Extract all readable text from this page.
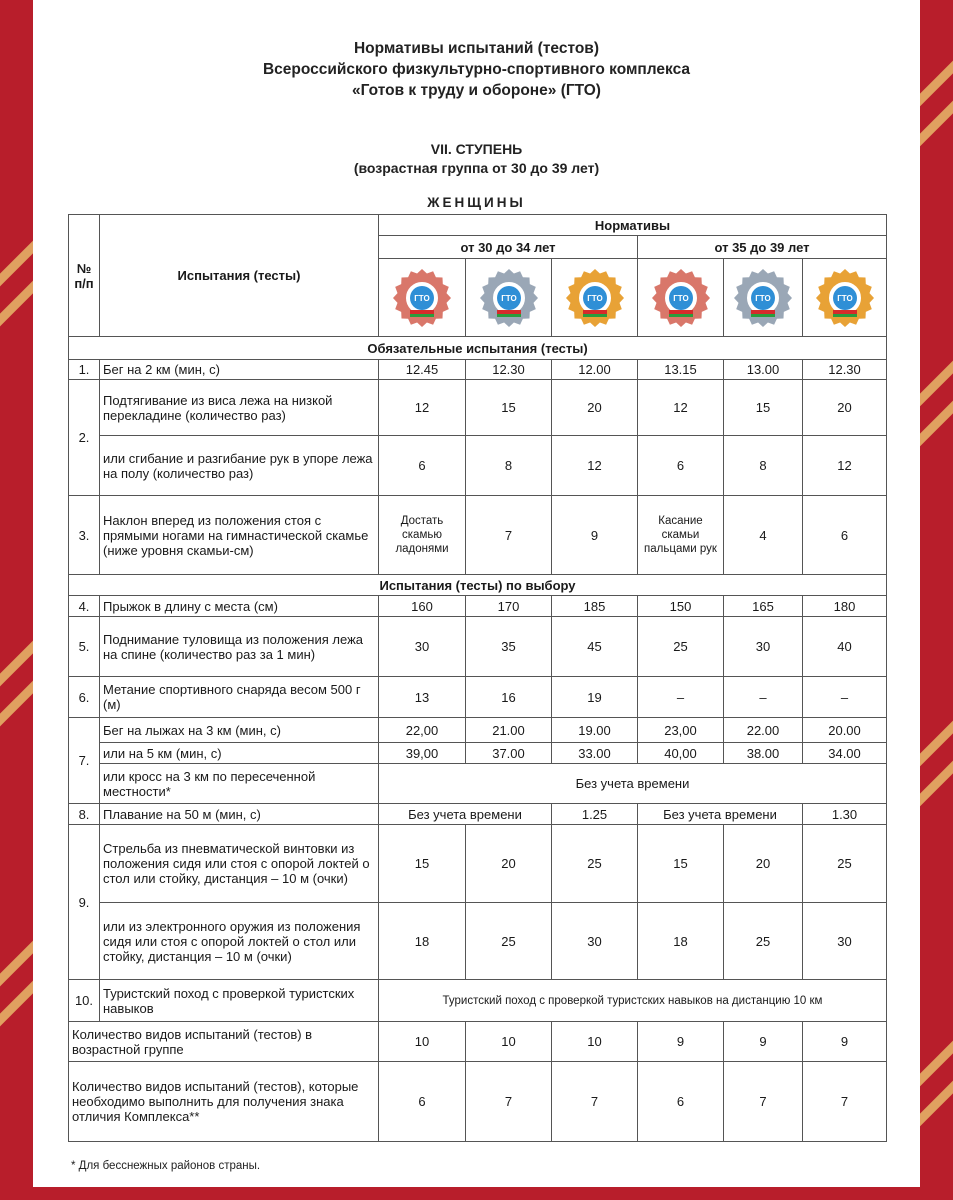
Нормативы испытаний (тестов)
Всероссийского физкультурно-спортивного комплекса
«Готов к труду и обороне» (ГТО)
VII. СТУПЕНЬ
(возрастная группа от 30 до 39 лет)
ЖЕНЩИНЫ
№ п/п	Испытания (тесты)	Нормативы					
		от 30 до 34 лет			от 35 до 39 лет		

ГТО	ГТО	ГТО	ГТО	ГТО	ГТО

Обязательные испытания (тесты)							
1.	Бег на 2 км (мин, с)	12.45	12.30	12.00	13.15	13.00	12.30
2.	Подтягивание из виса лежа на низкой перекладине (количество раз)	12	15	20	12	15	20
	или сгибание и разгибание рук в упоре лежа на полу (количество раз)	6	8	12	6	8	12
3.	Наклон вперед из положения стоя с прямыми ногами на гимнастической скамье (ниже уровня скамьи-см)	Достать скамью ладонями	7	9	Касание скамьи пальцами рук	4	6
Испытания (тесты) по выбору							
4.	Прыжок в длину с места (см)	160	170	185	150	165	180
5.	Поднимание туловища из положения лежа на спине (количество раз за 1 мин)	30	35	45	25	30	40
6.	Метание спортивного снаряда весом 500 г (м)	13	16	19	–	–	–
7.	Бег на лыжах на 3 км (мин, с)	22,00	21.00	19.00	23,00	22.00	20.00
	или на 5 км (мин, с)	39,00	37.00	33.00	40,00	38.00	34.00
	или кросс на 3 км по пересеченной местности*	Без учета времени					
8.	Плавание на 50 м (мин, с)	Без учета времени		1.25	Без учета времени		1.30
9.	Стрельба из пневматической винтовки из положения сидя или стоя с опорой локтей о стол или стойку, дистанция – 10 м (очки)	15	20	25	15	20	25
	или из электронного оружия из положения сидя или стоя с опорой локтей о стол или стойку, дистанция – 10 м (очки)	18	25	30	18	25	30
10.	Туристский поход с проверкой туристских навыков	Туристский поход с проверкой туристских навыков на дистанцию 10 км					
Количество видов испытаний (тестов) в возрастной группе		10	10	10	9	9	9
Количество видов испытаний (тестов), которые необходимо выполнить для получения знака отличия Комплекса**		6	7	7	6	7	7
* Для бесснежных районов страны.
